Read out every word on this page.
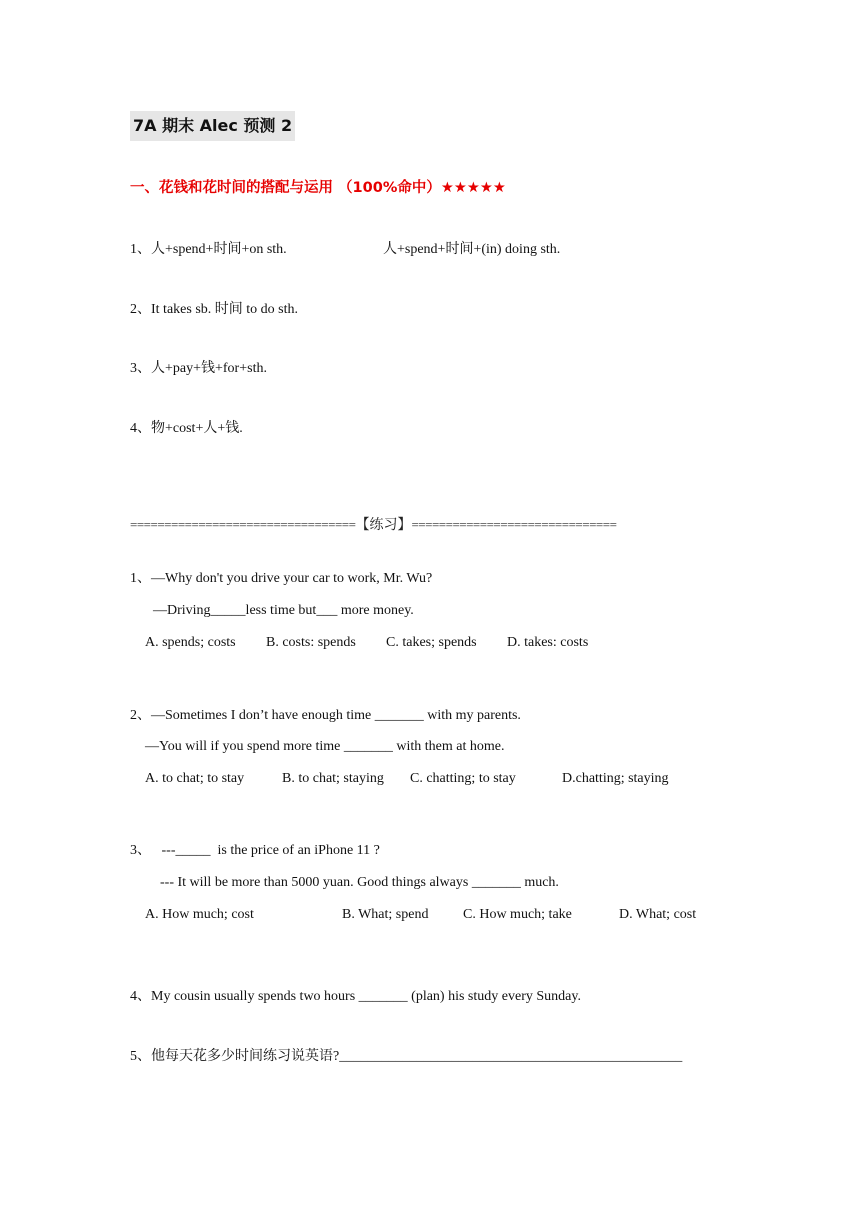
7A 期末 Alec 预测 2
一、花钱和花时间的搭配与运用 （100%命中）★★★★★
1、人+spend+时间+on sth.	人+spend+时间+(in) doing sth.
2、It takes sb. 时间 to do sth.
3、人+pay+钱+for+sth.
4、物+cost+人+钱.
=================================【练习】==============================
1、—Why don't you drive your car to work, Mr. Wu?
—Driving_____less time but___ more money.
A. spends; costs B. costs: spends C. takes; spends D. takes: costs
2、—Sometimes I don’t have enough time _______ with my parents.
—You will if you spend more time _______ with them at home.
A. to chat; to stay	B. to chat; staying C. chatting; to stay	D.chatting; staying
3、   ---_____  is the price of an iPhone 11 ?
--- It will be more than 5000 yuan. Good things always _______ much.
A. How much; cost	B. What; spend C. How much; take	D. What; cost
4、My cousin usually spends two hours _______ (plan) his study every Sunday.
5、他每天花多少时间练习说英语?_________________________________________________
